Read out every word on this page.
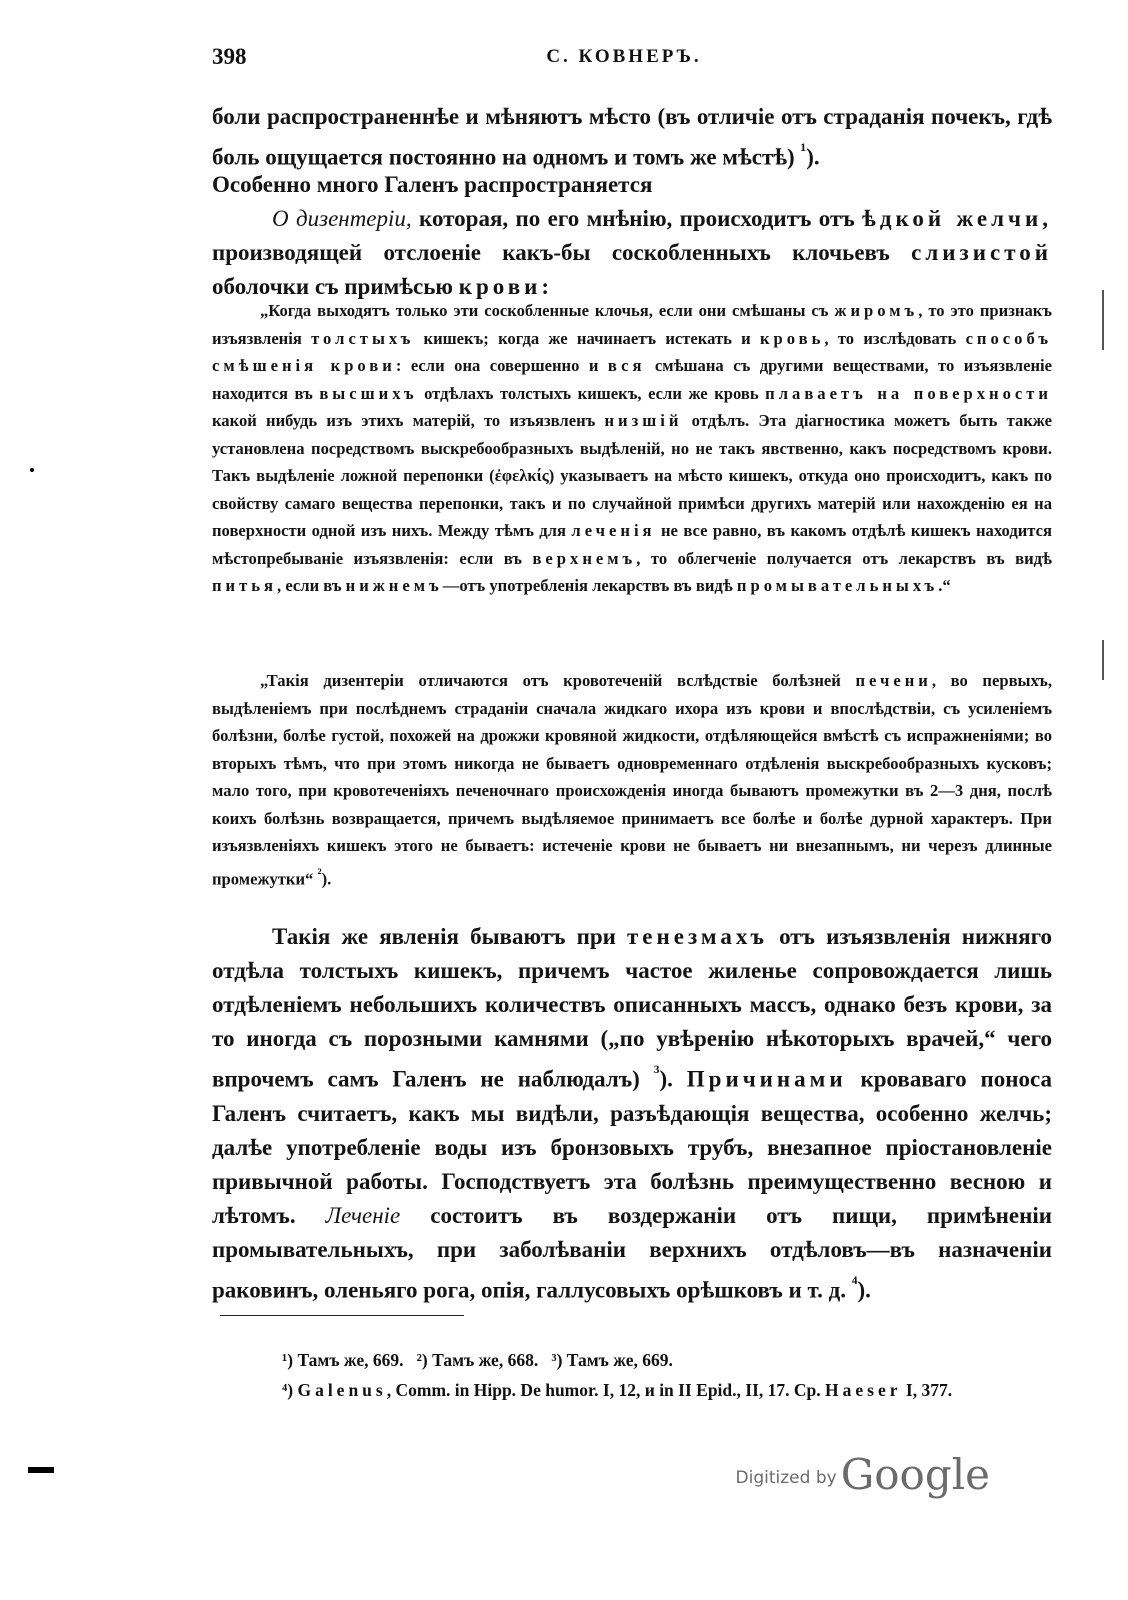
398	С. КОВНЕРЪ.

боли распространеннѣе и мѣняютъ мѣсто (въ отличіе отъ страданія почекъ, гдѣ боль ощущается постоянно на одномъ и томъ же мѣстѣ) $^{^1}$).

Особенно много Галенъ распространяется

О дизентеріи, которая, по его мнѣнію, происходитъ отъ ѣдкой желчи, производящей отслоеніе какъ-бы соскобленныхъ клочьевъ слизистой оболочки съ примѣсью крови:

„Когда выходятъ только эти соскобленные клочья, если они смѣшаны съ жиромъ, то это признакъ изъязвленія толстыхъ кишекъ; когда же начинаетъ истекать и кровь, то изслѣдовать способъ смѣшенія крови: если она совершенно и вся смѣшана съ другими веществами, то изъязвленіе находится въ высшихъ отдѣлахъ толстыхъ кишекъ, если же кровь плаваетъ на поверхности какой нибудь изъ этихъ матерій, то изъязвленъ низшій отдѣлъ. Эта діагностика можетъ быть также установлена посредствомъ выскребообразныхъ выдѣленій, но не такъ явственно, какъ посредствомъ крови. Такъ выдѣленіе ложной перепонки (ἐφελκίς) указываетъ на мѣсто кишекъ, откуда оно происходитъ, какъ по свойству самаго вещества перепонки, такъ и по случайной примѣси другихъ матерій или нахожденію ея на поверхности одной изъ нихъ. Между тѣмъ для леченія не все равно, въ какомъ отдѣлѣ кишекъ находится мѣстопребываніе изъязвленія: если въ верхнемъ, то облегченіе получается отъ лекарствъ въ видѣ питья, если въ нижнемъ—отъ употребленія лекарствъ въ видѣ промывательныхъ.“

„Такія дизентеріи отличаются отъ кровотеченій вслѣдствіе болѣзней печени, во первыхъ, выдѣленіемъ при послѣднемъ страданіи сначала жидкаго ихора изъ крови и впослѣдствіи, съ усиленіемъ болѣзни, болѣе густой, похожей на дрожжи кровяной жидкости, отдѣляющейся вмѣстѣ съ испражненіями; во вторыхъ тѣмъ, что при этомъ никогда не бываетъ одновременнаго отдѣленія выскребообразныхъ кусковъ; мало того, при кровотеченіяхъ печеночнаго происхожденія иногда бываютъ промежутки въ 2—3 дня, послѣ коихъ болѣзнь возвращается, причемъ выдѣляемое принимаетъ все болѣе и болѣе дурной характеръ. При изъязвленіяхъ кишекъ этого не бываетъ: истеченіе крови не бываетъ ни внезапнымъ, ни черезъ длинные промежутки“ $^{^2}$).

Такія же явленія бываютъ при тенезмахъ отъ изъязвленія нижняго отдѣла толстыхъ кишекъ, причемъ частое жиленье сопровождается лишь отдѣленіемъ небольшихъ количествъ описанныхъ массъ, однако безъ крови, за то иногда съ порозными камнями („по увѣренію нѣкоторыхъ врачей,“ чего впрочемъ самъ Галенъ не наблюдалъ) $^{^3}$). Причинами кроваваго поноса Галенъ считаетъ, какъ мы видѣли, разъѣдающія вещества, особенно желчь; далѣе употребленіе воды изъ бронзовыхъ трубъ, внезапное пріостановленіе привычной работы. Господствуетъ эта болѣзнь преимущественно весною и лѣтомъ. Леченіе состоитъ въ воздержаніи отъ пищи, примѣненіи промывательныхъ, при заболѣваніи верхнихъ отдѣловъ—въ назначеніи раковинъ, оленьяго рога, опія, галлусовыхъ орѣшковъ и т. д. $^{^4}$).

¹) Тамъ же, 669.   ²) Тамъ же, 668.   ³) Тамъ же, 669.

⁴) Galenus, Comm. in Hipp. De humor. I, 12, и in II Epid., II, 17. Ср. Haeser I, 377.

Digitized by Google
